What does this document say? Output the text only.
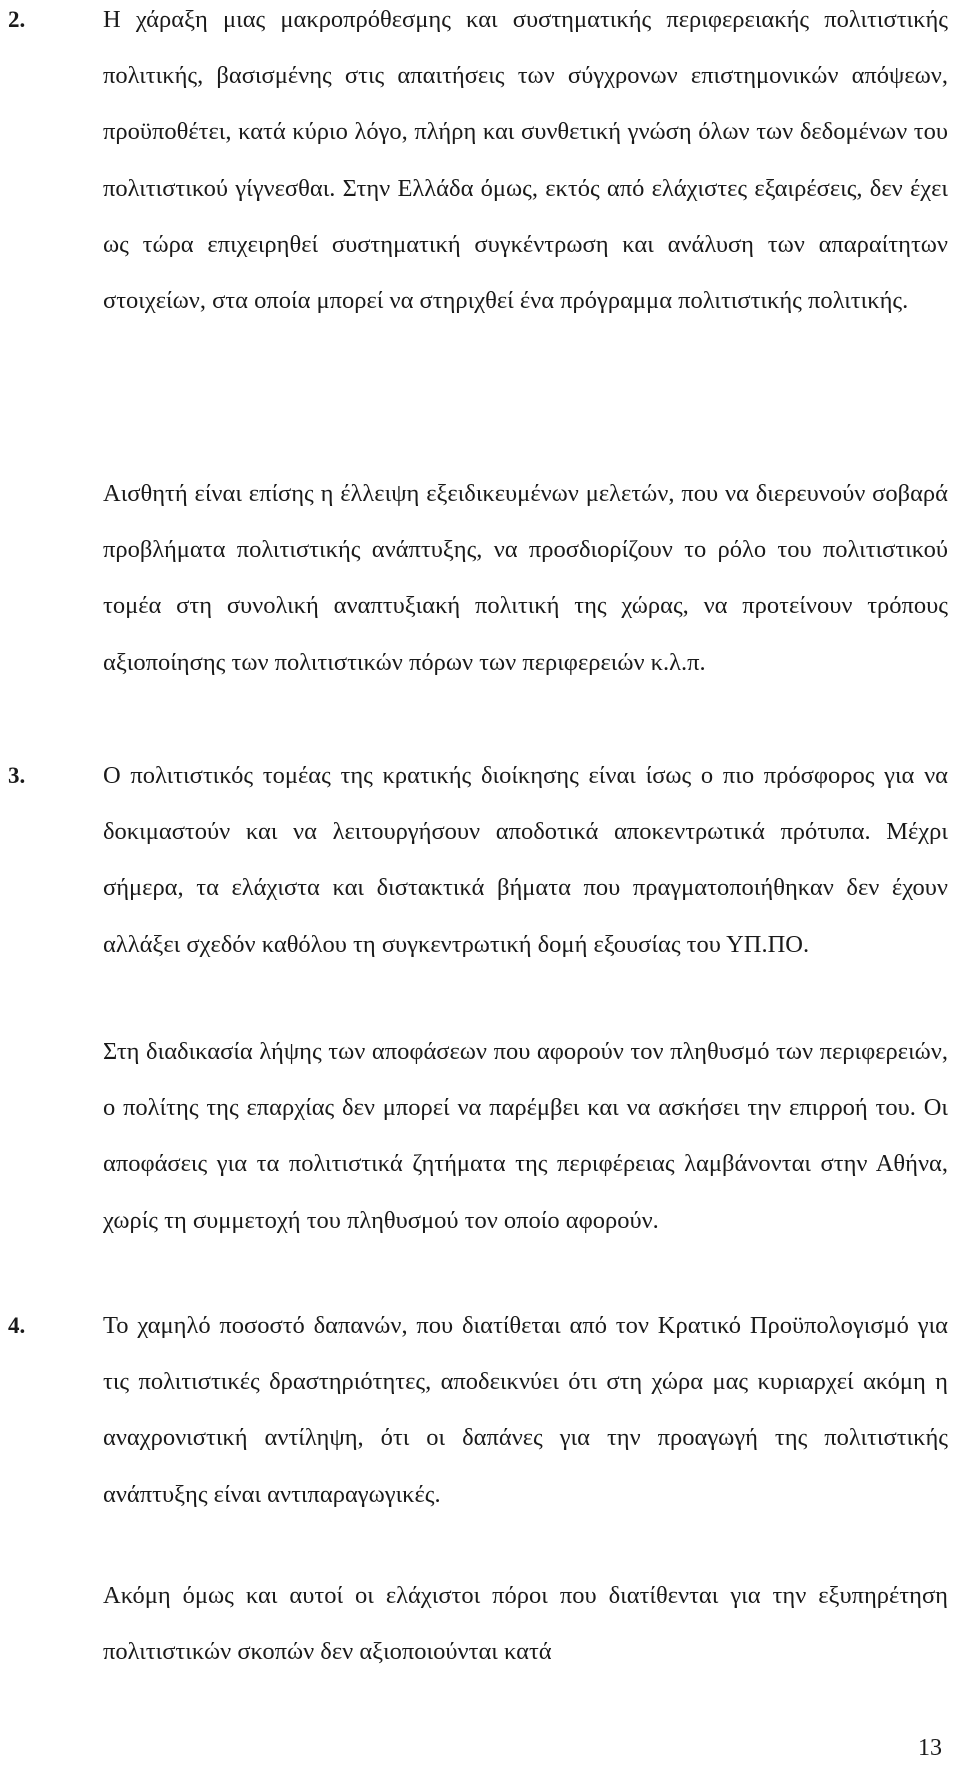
2.	Η χάραξη μιας μακροπρόθεσμης και συστηματικής περιφερειακής πολιτιστικής πολιτικής, βασισμένης στις απαιτήσεις των σύγχρονων επιστημονικών απόψεων, προϋποθέτει, κατά κύριο λόγο, πλήρη και συνθετική γνώση όλων των δεδομένων του πολιτιστικού γίγνεσθαι. Στην Ελλάδα όμως, εκτός από ελάχιστες εξαιρέσεις, δεν έχει ως τώρα επιχειρηθεί συστηματική συγκέντρωση και ανάλυση των απαραίτητων στοιχείων, στα οποία μπορεί να στηριχθεί ένα πρόγραμμα πολιτιστικής πολιτικής.

Αισθητή είναι επίσης η έλλειψη εξειδικευμένων μελετών, που να διερευνούν σοβαρά προβλήματα πολιτιστικής ανάπτυξης, να προσδιορίζουν το ρόλο του πολιτιστικού τομέα στη συνολική αναπτυξιακή πολιτική της χώρας, να προτείνουν τρόπους αξιοποίησης των πολιτιστικών πόρων των περιφερειών κ.λ.π.

3.	Ο πολιτιστικός τομέας της κρατικής διοίκησης είναι ίσως ο πιο πρόσφορος για να δοκιμαστούν και να λειτουργήσουν αποδοτικά αποκεντρωτικά πρότυπα. Μέχρι σήμερα, τα ελάχιστα και διστακτικά βήματα που πραγματοποιήθηκαν δεν έχουν αλλάξει σχεδόν καθόλου τη συγκεντρωτική δομή εξουσίας του ΥΠ.ΠΟ.

Στη διαδικασία λήψης των αποφάσεων που αφορούν τον πληθυσμό των περιφερειών, ο πολίτης της επαρχίας δεν μπορεί να παρέμβει και να ασκήσει την επιρροή του. Οι αποφάσεις για τα πολιτιστικά ζητήματα της περιφέρειας λαμβάνονται στην Αθήνα, χωρίς τη συμμετοχή του πληθυσμού τον οποίο αφορούν.

4.	Το χαμηλό ποσοστό δαπανών, που διατίθεται από τον Κρατικό Προϋπολογισμό για τις πολιτιστικές δραστηριότητες, αποδεικνύει ότι στη χώρα μας κυριαρχεί ακόμη η αναχρονιστική αντίληψη, ότι οι δαπάνες για την προαγωγή της πολιτιστικής ανάπτυξης είναι αντιπαραγωγικές.

Ακόμη όμως και αυτοί οι ελάχιστοι πόροι που διατίθενται για την εξυπηρέτηση πολιτιστικών σκοπών δεν αξιοποιούνται κατά

13
